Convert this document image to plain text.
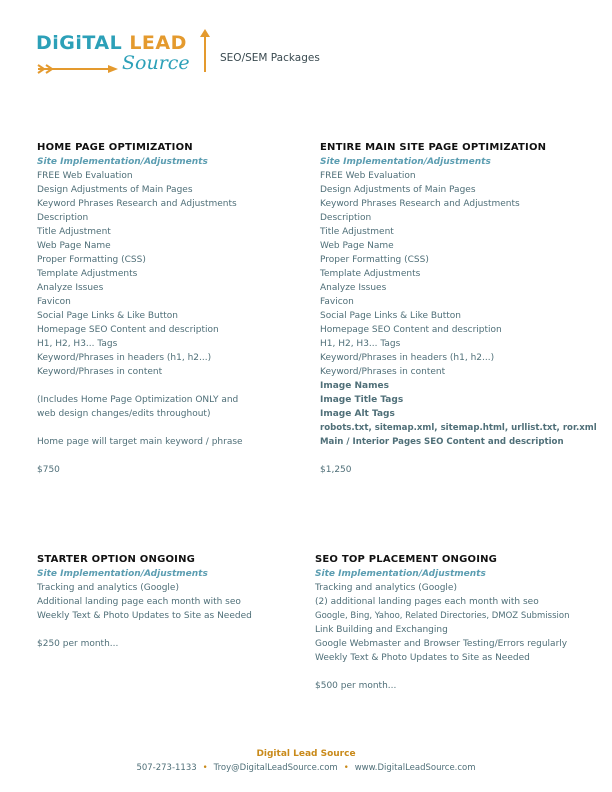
DiGiTAL LEAD
Source	SEO/SEM Packages
HOME PAGE OPTIMIZATION
Site Implementation/Adjustments
FREE Web Evaluation
Design Adjustments of Main Pages
Keyword Phrases Research and Adjustments
Description
Title Adjustment
Web Page Name
Proper Formatting (CSS)
Template Adjustments
Analyze Issues
Favicon
Social Page Links & Like Button
Homepage SEO Content and description
H1, H2, H3... Tags
Keyword/Phrases in headers (h1, h2...)
Keyword/Phrases in content
(Includes Home Page Optimization ONLY and
web design changes/edits throughout)
Home page will target main keyword / phrase
$750
ENTIRE MAIN SITE PAGE OPTIMIZATION
Site Implementation/Adjustments
FREE Web Evaluation
Design Adjustments of Main Pages
Keyword Phrases Research and Adjustments
Description
Title Adjustment
Web Page Name
Proper Formatting (CSS)
Template Adjustments
Analyze Issues
Favicon
Social Page Links & Like Button
Homepage SEO Content and description
H1, H2, H3... Tags
Keyword/Phrases in headers (h1, h2...)
Keyword/Phrases in content
Image Names
Image Title Tags
Image Alt Tags
robots.txt, sitemap.xml, sitemap.html, urllist.txt, ror.xml
Main / Interior Pages SEO Content and description
$1,250
STARTER OPTION ONGOING
Site Implementation/Adjustments
Tracking and analytics (Google)
Additional landing page each month with seo
Weekly Text & Photo Updates to Site as Needed
$250 per month...
SEO TOP PLACEMENT ONGOING
Site Implementation/Adjustments
Tracking and analytics (Google)
(2) additional landing pages each month with seo
Google, Bing, Yahoo, Related Directories, DMOZ Submission
Link Building and Exchanging
Google Webmaster and Browser Testing/Errors regularly
Weekly Text & Photo Updates to Site as Needed
$500 per month...
Digital Lead Source
507-273-1133 • Troy@DigitalLeadSource.com • www.DigitalLeadSource.com
